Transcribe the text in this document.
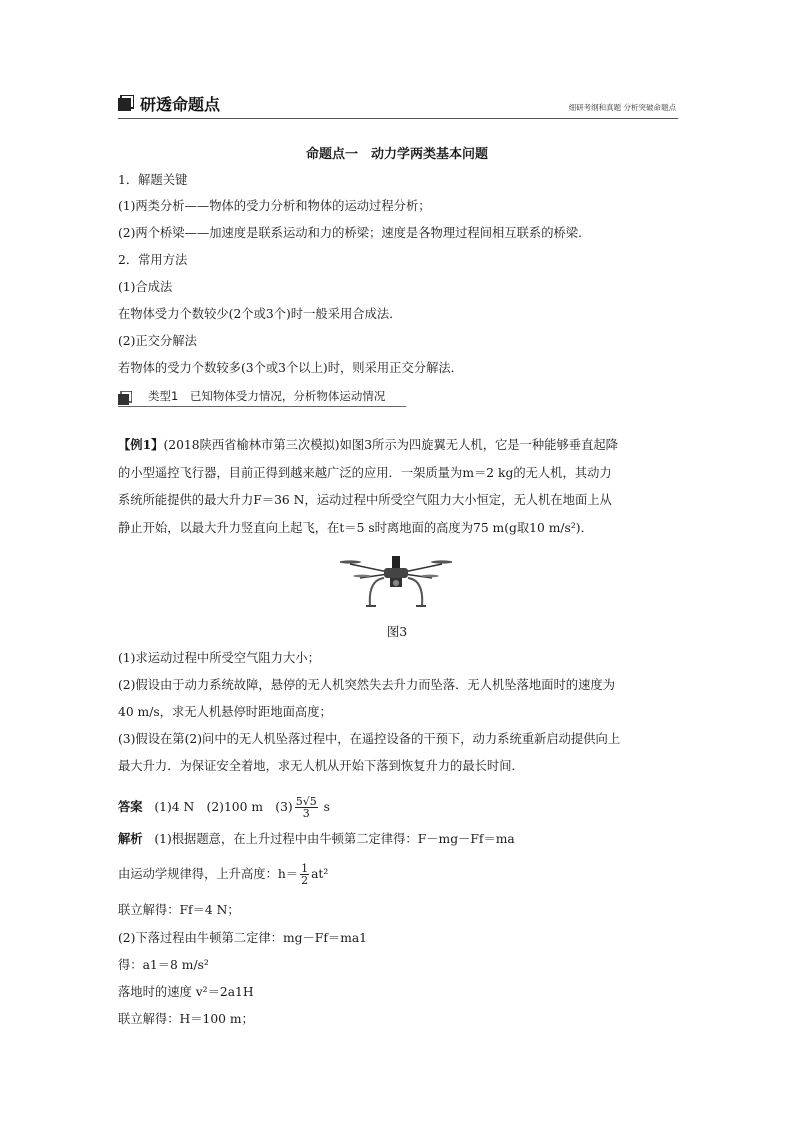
研透命题点	细研考纲和真题 分析突破命题点
命题点一　动力学两类基本问题
1．解题关键
(1)两类分析——物体的受力分析和物体的运动过程分析；
(2)两个桥梁——加速度是联系运动和力的桥梁；速度是各物理过程间相互联系的桥梁．
2．常用方法
(1)合成法
在物体受力个数较少(2个或3个)时一般采用合成法．
(2)正交分解法
若物体的受力个数较多(3个或3个以上)时，则采用正交分解法．
类型1　已知物体受力情况，分析物体运动情况
【例1】(2018陕西省榆林市第三次模拟)如图3所示为四旋翼无人机，它是一种能够垂直起降
的小型遥控飞行器，目前正得到越来越广泛的应用．一架质量为m＝2 kg的无人机，其动力
系统所能提供的最大升力F＝36 N，运动过程中所受空气阻力大小恒定，无人机在地面上从
静止开始，以最大升力竖直向上起飞，在t＝5 s时离地面的高度为75 m(g取10 m/s²)．
图3
(1)求运动过程中所受空气阻力大小；
(2)假设由于动力系统故障，悬停的无人机突然失去升力而坠落．无人机坠落地面时的速度为
40 m/s，求无人机悬停时距地面高度；
(3)假设在第(2)问中的无人机坠落过程中，在遥控设备的干预下，动力系统重新启动提供向上
最大升力．为保证安全着地，求无人机从开始下落到恢复升力的最长时间．
答案 (1)4 N　(2)100 m　$(3) \frac{5√5}{3}$ s
解析 (1)根据题意，在上升过程中由牛顿第二定律得：F－mg－Ff＝ma
由运动学规律得，上升高度：$h= \frac{1}{2} at^2$
联立解得：Ff＝4 N；
(2)下落过程由牛顿第二定律：mg－Ff＝ma1
得：a1＝8 m/s²
落地时的速度 v²＝2a1H
联立解得：H＝100 m；
